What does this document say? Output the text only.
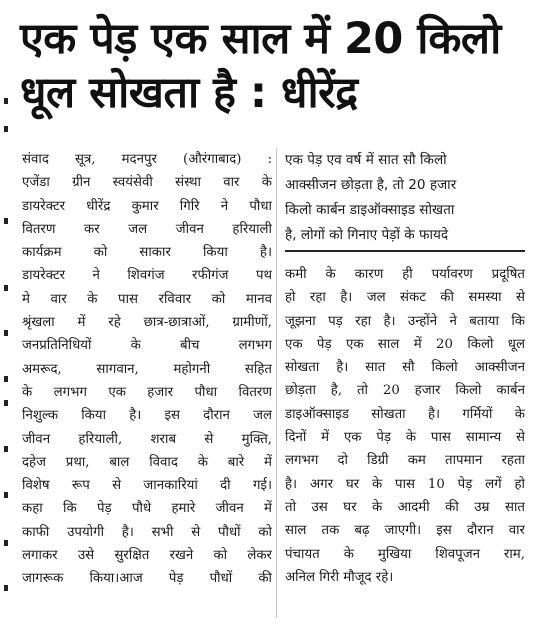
एक पेड़ एक साल में 20 किलो
धूल सोखता है : धीरेंद्र
संवाद सूत्र, मदनपुर (औरंगाबाद) :
एजेंडा ग्रीन स्वयंसेवी संस्था वार के
डायरेक्टर धीरेंद्र कुमार गिरि ने पौधा
वितरण कर जल जीवन हरियाली
कार्यक्रम को साकार किया है।
डायरेक्टर ने शिवगंज रफीगंज पथ
मे वार के पास रविवार को मानव
श्रृंखला में रहे छात्र-छात्राओं, ग्रामीणों,
जनप्रतिनिधियों के बीच लगभग
अमरूद, सागवान, महोगनी सहित
के लगभग एक हजार पौधा वितरण
निशुल्क किया है। इस दौरान जल
जीवन हरियाली, शराब से मुक्ति,
दहेज प्रथा, बाल विवाद के बारे में
विशेष रूप से जानकारियां दी गई।
कहा कि पेड़ पौधे हमारे जीवन में
काफी उपयोगी है। सभी से पौधों को
लगाकर उसे सुरक्षित रखने को लेकर
जागरूक किया।आज पेड़ पौधों की
एक पेड़ एव वर्ष में सात सौ किलो
आक्सीजन छोड़ता है, तो 20 हजार
किलो कार्बन डाइऑक्साइड सोखता
है, लोगों को गिनाए पेड़ों के फायदे
कमी के कारण ही पर्यावरण प्रदूषित
हो रहा है। जल संकट की समस्या से
जूझना पड़ रहा है। उन्होंने ने बताया कि
एक पेड़ एक साल में 20 किलो धूल
सोखता है। सात सौ किलो आक्सीजन
छोड़ता है, तो 20 हजार किलो कार्बन
डाइऑक्साइड सोखता है। गर्मियों के
दिनों में एक पेड़ के पास सामान्य से
लगभग दो डिग्री कम तापमान रहता
है। अगर घर के पास 10 पेड़ लगें हो
तो उस घर के आदमी की उम्र सात
साल तक बढ़ जाएगी। इस दौरान वार
पंचायत के मुखिया शिवपूजन राम,
अनिल गिरी मौजूद रहे।
